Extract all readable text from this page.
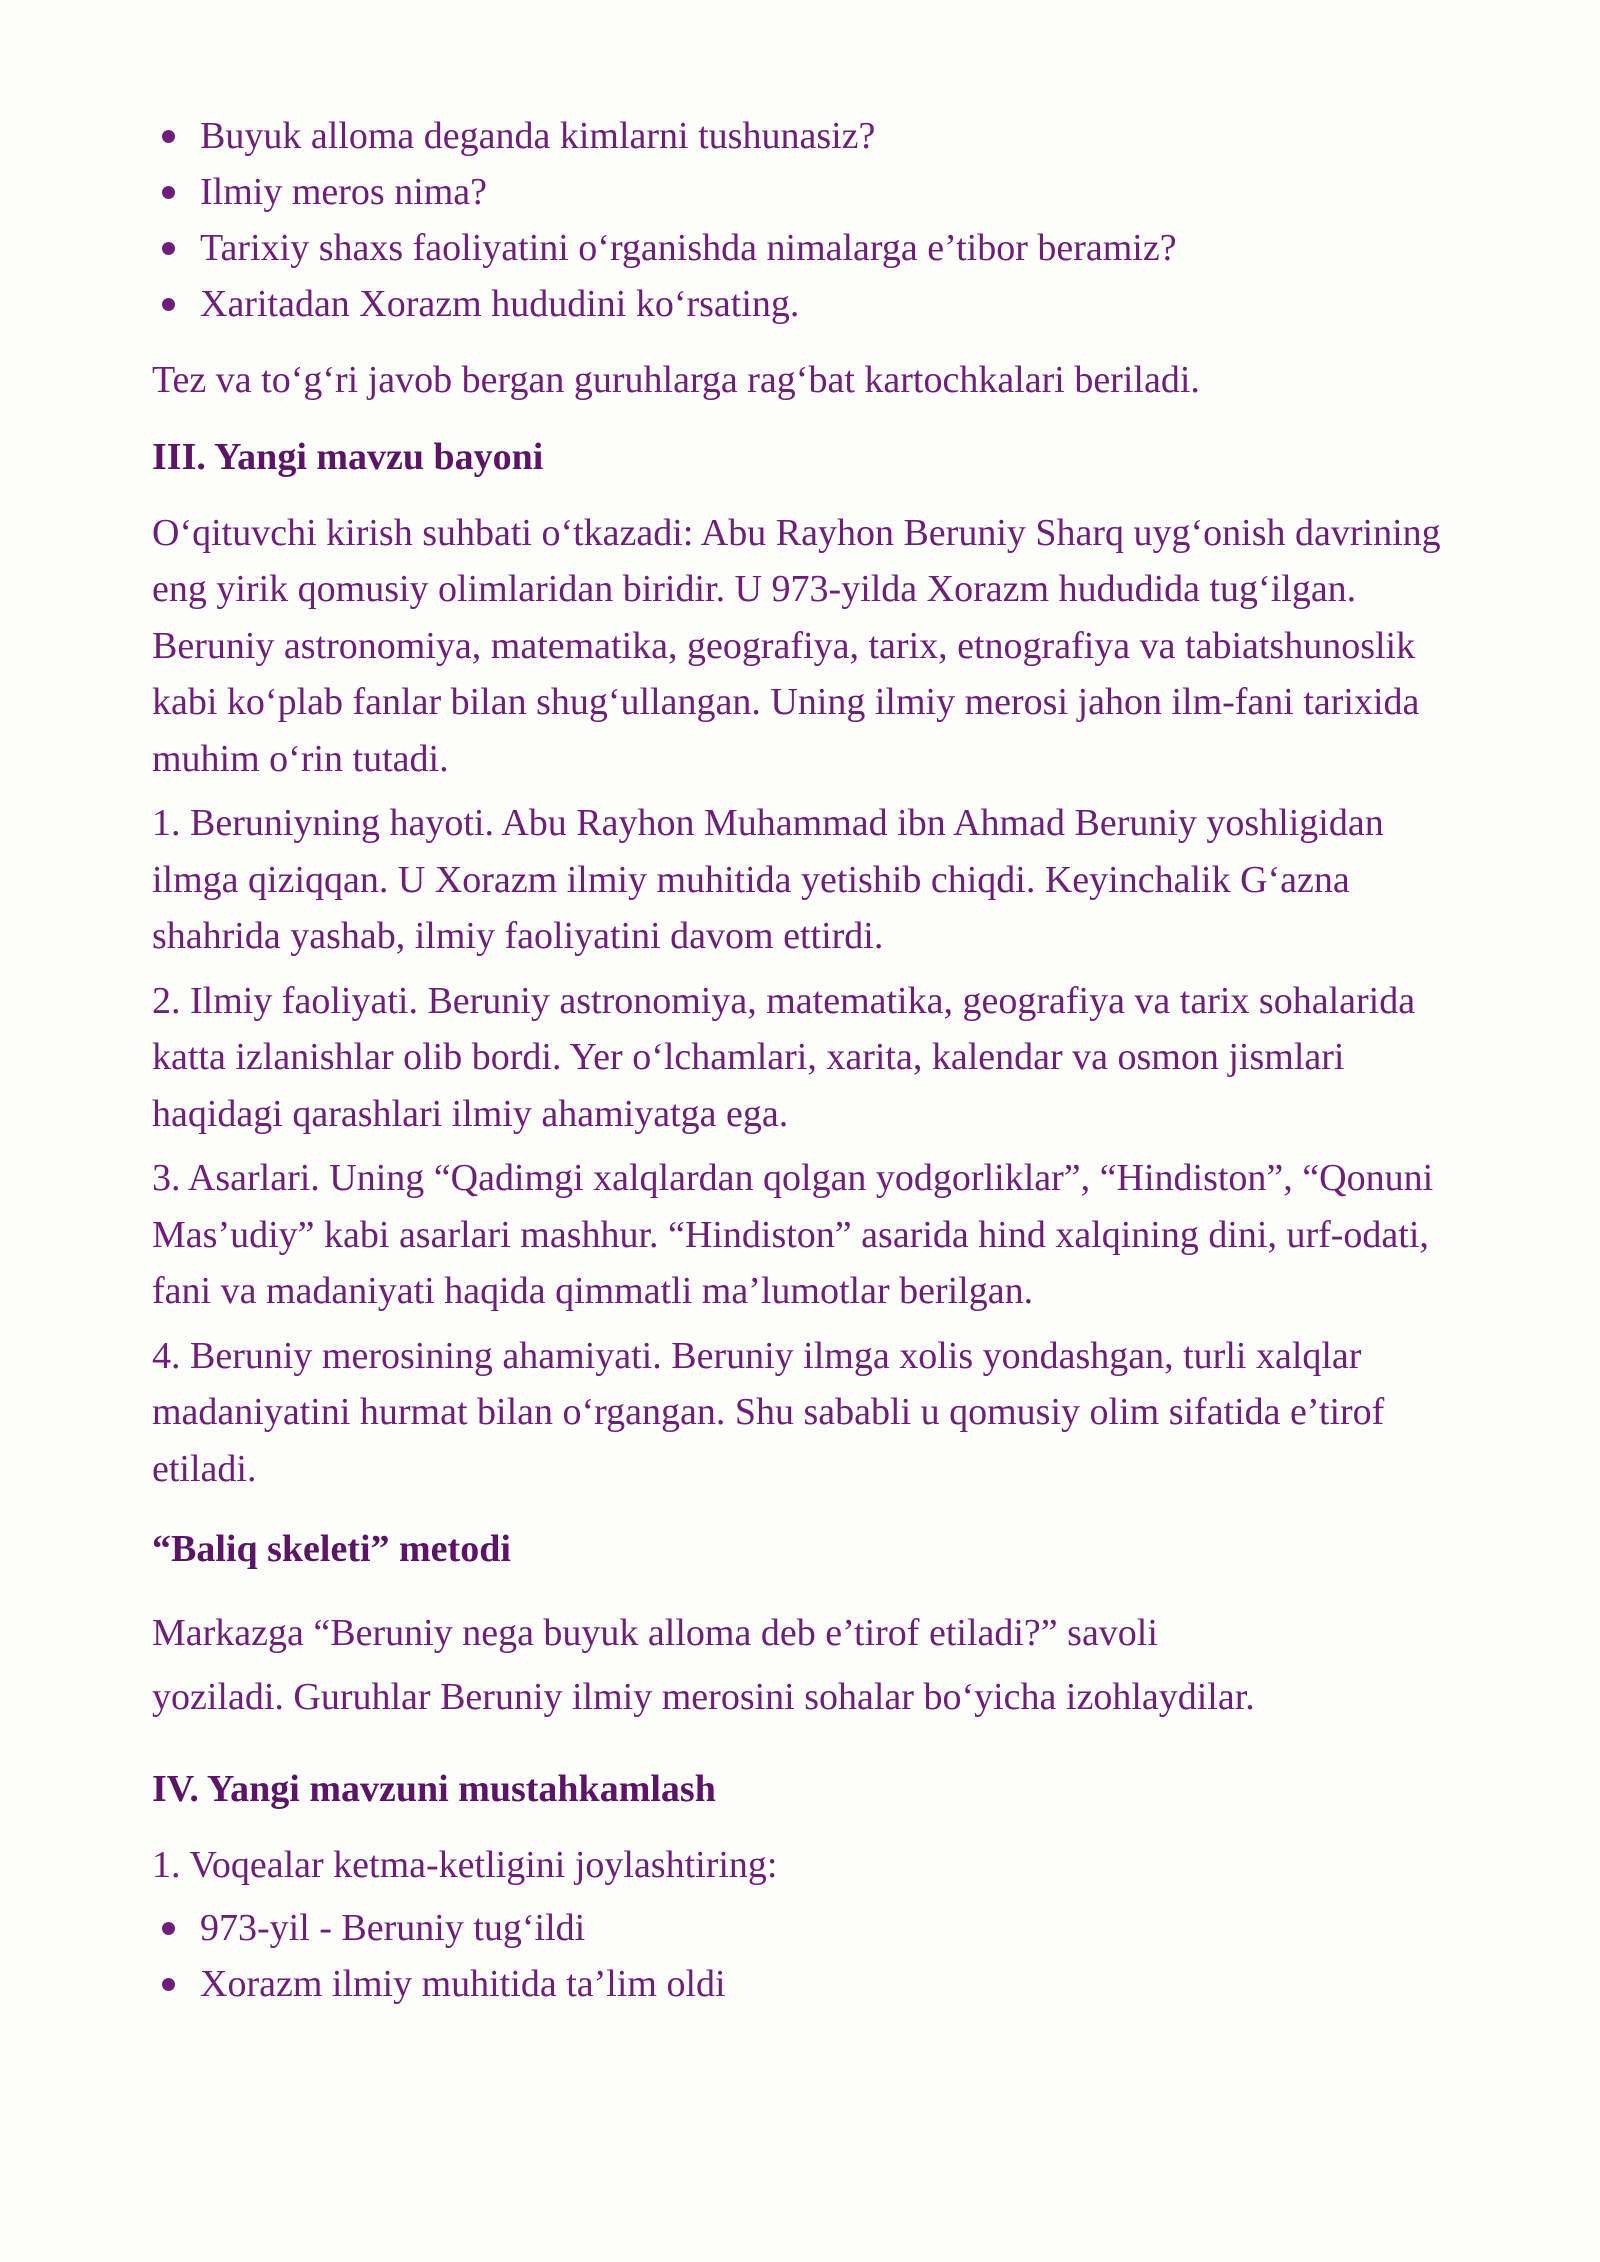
Buyuk alloma deganda kimlarni tushunasiz?
Ilmiy meros nima?
Tarixiy shaxs faoliyatini o‘rganishda nimalarga e’tibor beramiz?
Xaritadan Xorazm hududini ko‘rsating.

Tez va to‘g‘ri javob bergan guruhlarga rag‘bat kartochkalari beriladi.

III. Yangi mavzu bayoni

O‘qituvchi kirish suhbati o‘tkazadi: Abu Rayhon Beruniy Sharq uyg‘onish davrining eng yirik qomusiy olimlaridan biridir. U 973-yilda Xorazm hududida tug‘ilgan. Beruniy astronomiya, matematika, geografiya, tarix, etnografiya va tabiatshunoslik kabi ko‘plab fanlar bilan shug‘ullangan. Uning ilmiy merosi jahon ilm-fani tarixida muhim o‘rin tutadi.

1. Beruniyning hayoti. Abu Rayhon Muhammad ibn Ahmad Beruniy yoshligidan ilmga qiziqqan. U Xorazm ilmiy muhitida yetishib chiqdi. Keyinchalik G‘azna shahrida yashab, ilmiy faoliyatini davom ettirdi.

2. Ilmiy faoliyati. Beruniy astronomiya, matematika, geografiya va tarix sohalarida katta izlanishlar olib bordi. Yer o‘lchamlari, xarita, kalendar va osmon jismlari haqidagi qarashlari ilmiy ahamiyatga ega.

3. Asarlari. Uning “Qadimgi xalqlardan qolgan yodgorliklar”, “Hindiston”, “Qonuni Mas’udiy” kabi asarlari mashhur. “Hindiston” asarida hind xalqining dini, urf-odati, fani va madaniyati haqida qimmatli ma’lumotlar berilgan.

4. Beruniy merosining ahamiyati. Beruniy ilmga xolis yondashgan, turli xalqlar madaniyatini hurmat bilan o‘rgangan. Shu sababli u qomusiy olim sifatida e’tirof etiladi.

“Baliq skeleti” metodi

Markazga “Beruniy nega buyuk alloma deb e’tirof etiladi?” savoli

yoziladi. Guruhlar Beruniy ilmiy merosini sohalar bo‘yicha izohlaydilar.

IV. Yangi mavzuni mustahkamlash

1. Voqealar ketma-ketligini joylashtiring:

973-yil - Beruniy tug‘ildi
Xorazm ilmiy muhitida ta’lim oldi
